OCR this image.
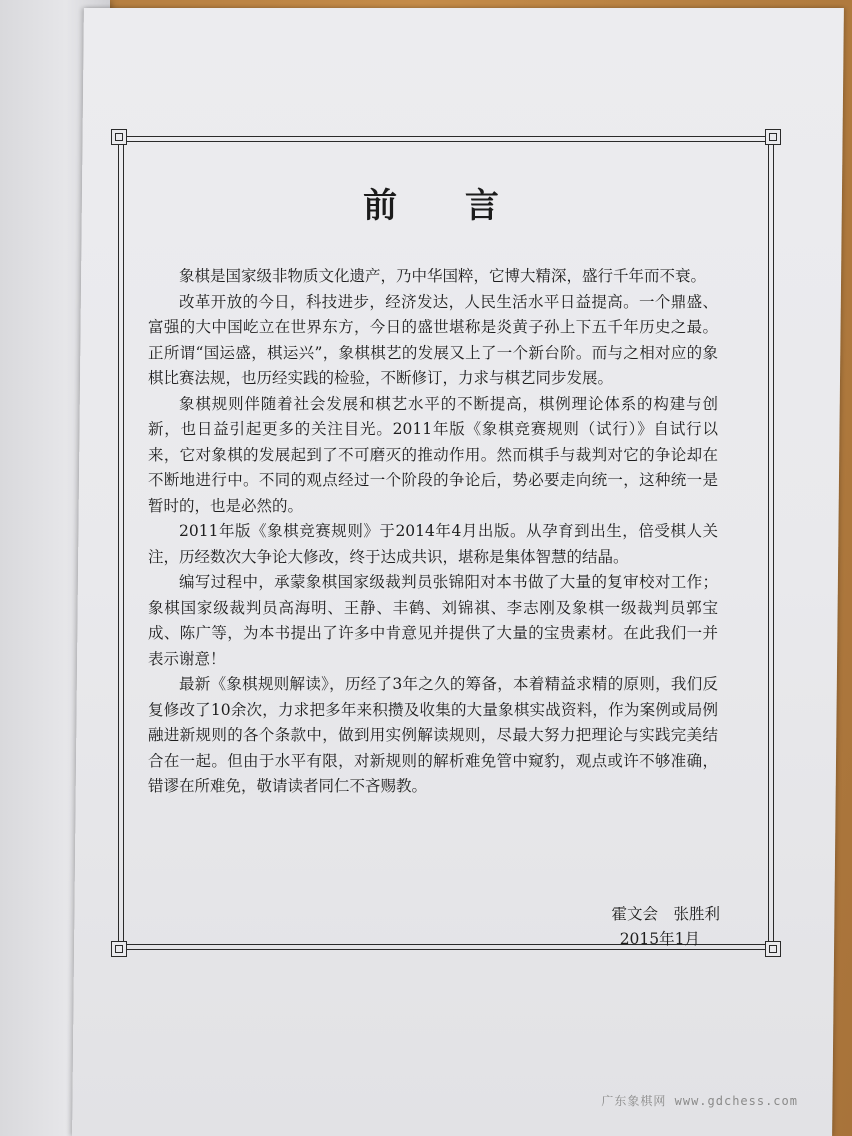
前 言

象棋是国家级非物质文化遗产，乃中华国粹，它博大精深，盛行千年而不衰。

改革开放的今日，科技进步，经济发达，人民生活水平日益提高。一个鼎盛、富强的大中国屹立在世界东方，今日的盛世堪称是炎黄子孙上下五千年历史之最。正所谓“国运盛，棋运兴”，象棋棋艺的发展又上了一个新台阶。而与之相对应的象棋比赛法规，也历经实践的检验，不断修订，力求与棋艺同步发展。

象棋规则伴随着社会发展和棋艺水平的不断提高，棋例理论体系的构建与创新，也日益引起更多的关注目光。2011年版《象棋竞赛规则（试行）》自试行以来，它对象棋的发展起到了不可磨灭的推动作用。然而棋手与裁判对它的争论却在不断地进行中。不同的观点经过一个阶段的争论后，势必要走向统一，这种统一是暂时的，也是必然的。

2011年版《象棋竞赛规则》于2014年4月出版。从孕育到出生，倍受棋人关注，历经数次大争论大修改，终于达成共识，堪称是集体智慧的结晶。

编写过程中，承蒙象棋国家级裁判员张锦阳对本书做了大量的复审校对工作；象棋国家级裁判员高海明、王静、丰鹤、刘锦祺、李志刚及象棋一级裁判员郭宝成、陈广等，为本书提出了许多中肯意见并提供了大量的宝贵素材。在此我们一并表示谢意！

最新《象棋规则解读》，历经了3年之久的筹备，本着精益求精的原则，我们反复修改了10余次，力求把多年来积攒及收集的大量象棋实战资料，作为案例或局例融进新规则的各个条款中，做到用实例解读规则，尽最大努力把理论与实践完美结合在一起。但由于水平有限，对新规则的解析难免管中窥豹，观点或许不够准确，错谬在所难免，敬请读者同仁不吝赐教。

霍文会　张胜利
2015年1月
广东象棋网 www.gdchess.com
